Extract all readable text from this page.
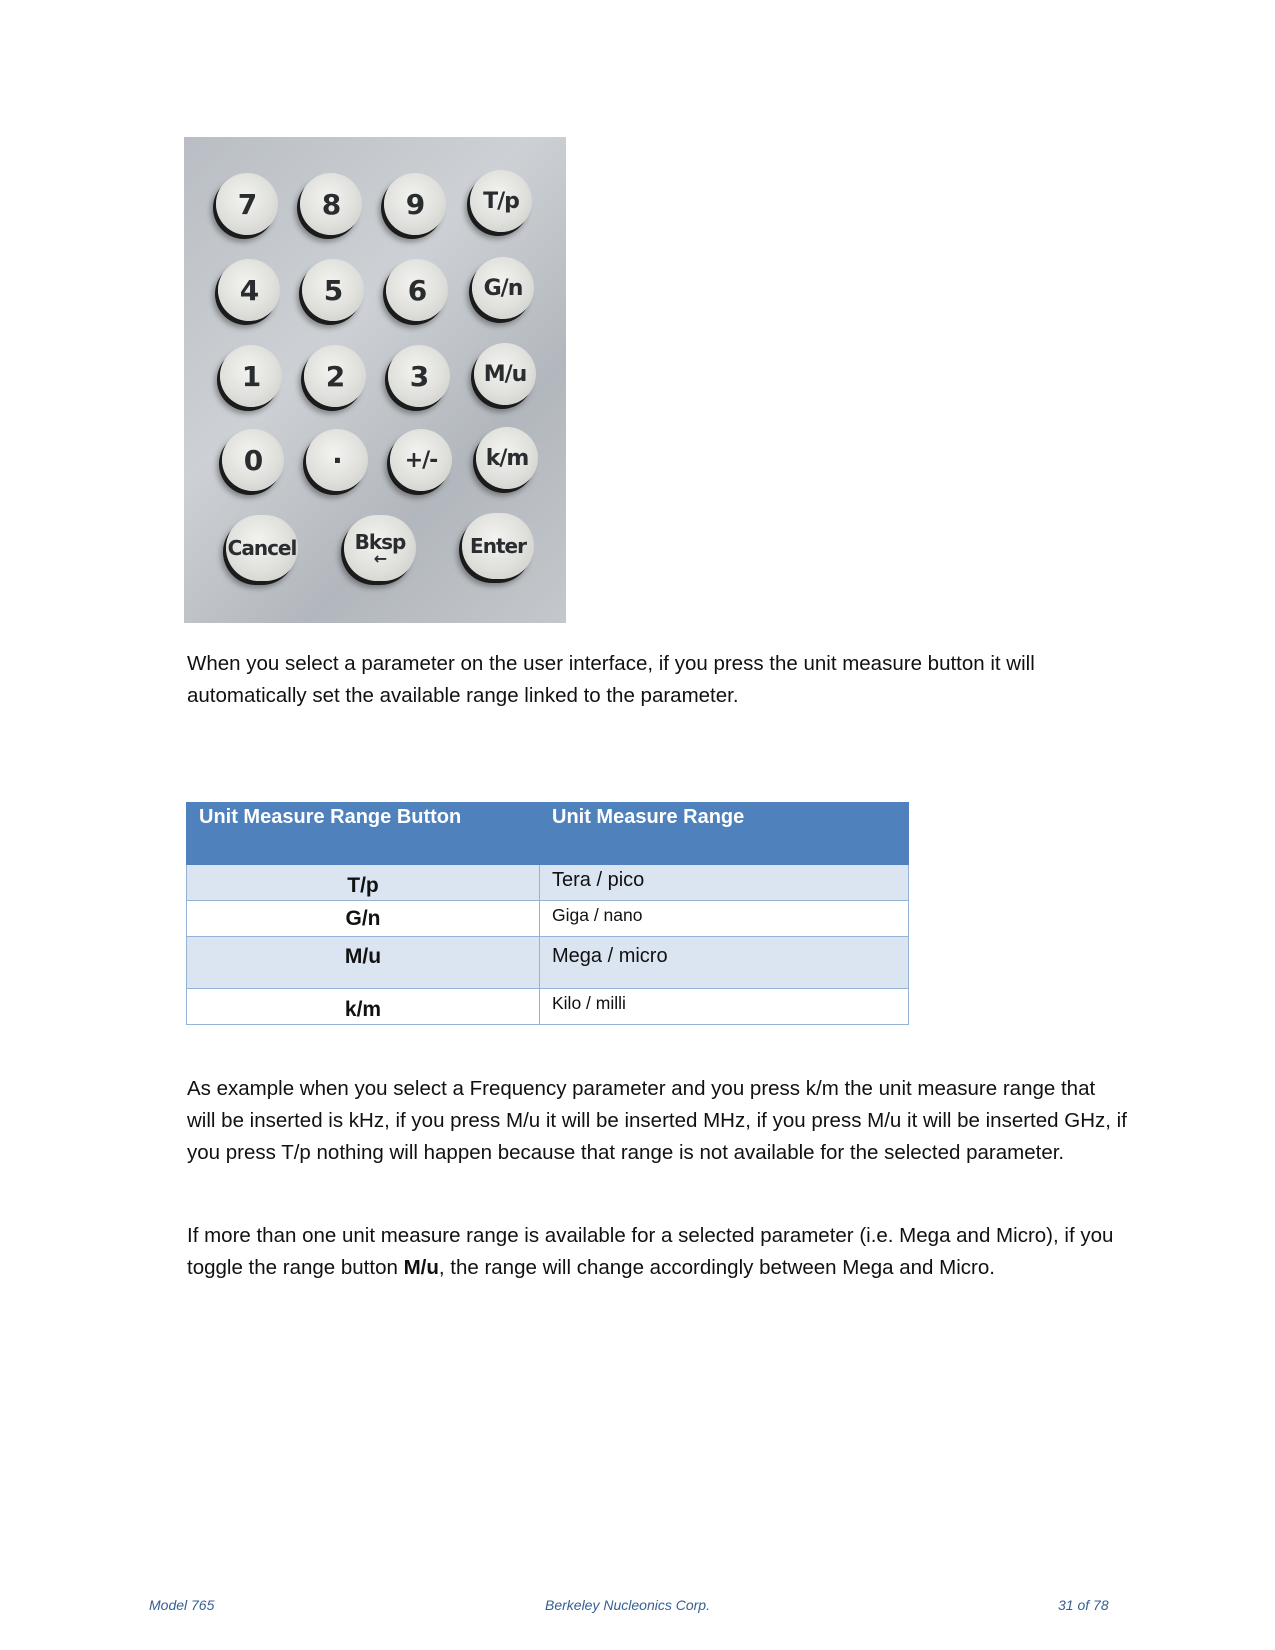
7 8 9	T/p
4 5 6	G/n
1 2 3	M/u
0 ·	+/- k/m
Cancel	Bksp
←
Enter

When you select a parameter on the user interface, if you press the unit measure button it will automatically set the available range linked to the parameter.

Unit Measure Range Button	Unit Measure Range
T/p	Tera / pico
G/n	Giga / nano
M/u	Mega / micro
k/m	Kilo / milli

As example when you select a Frequency parameter and you press k/m the unit measure range that will be inserted is kHz, if you press M/u it will be inserted MHz, if you press M/u it will be inserted GHz, if you press T/p nothing will happen because that range is not available for the selected parameter.

If more than one unit measure range is available for a selected parameter (i.e. Mega and Micro), if you toggle the range button M/u, the range will change accordingly between Mega and Micro.

Model 765	Berkeley Nucleonics Corp.	31 of 78
